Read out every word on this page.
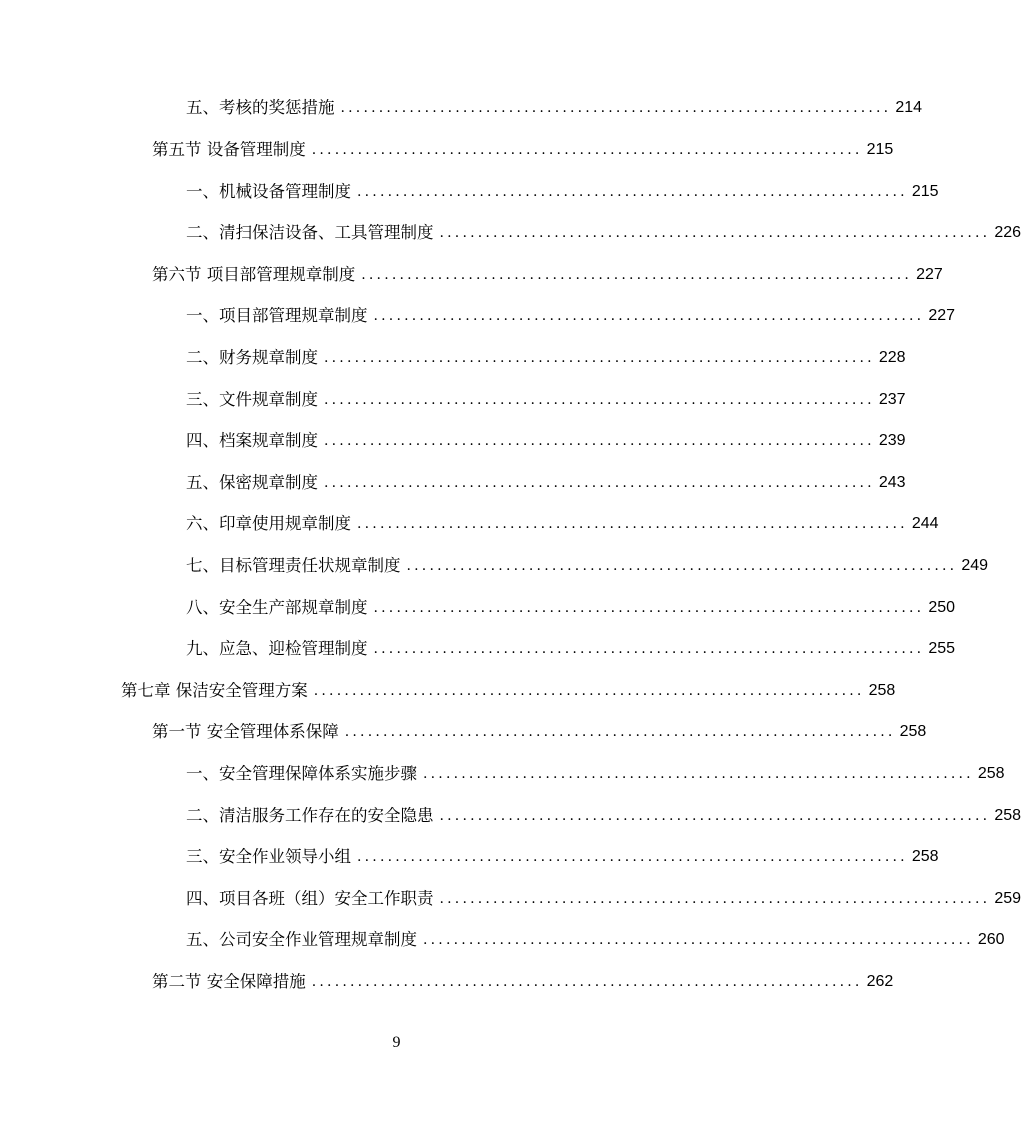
五、考核的奖惩措施 ........................................................................ 214
第五节 设备管理制度 ........................................................................ 215
一、机械设备管理制度 ........................................................................ 215
二、清扫保洁设备、工具管理制度 ........................................................................ 226
第六节 项目部管理规章制度 ........................................................................ 227
一、项目部管理规章制度 ........................................................................ 227
二、财务规章制度 ........................................................................ 228
三、文件规章制度 ........................................................................ 237
四、档案规章制度 ........................................................................ 239
五、保密规章制度 ........................................................................ 243
六、印章使用规章制度 ........................................................................ 244
七、目标管理责任状规章制度 ........................................................................ 249
八、安全生产部规章制度 ........................................................................ 250
九、应急、迎检管理制度 ........................................................................ 255
第七章 保洁安全管理方案 ........................................................................ 258
第一节 安全管理体系保障 ........................................................................ 258
一、安全管理保障体系实施步骤 ........................................................................ 258
二、清洁服务工作存在的安全隐患 ........................................................................ 258
三、安全作业领导小组 ........................................................................ 258
四、项目各班（组）安全工作职责 ........................................................................ 259
五、公司安全作业管理规章制度 ........................................................................ 260
第二节 安全保障措施 ........................................................................ 262
9
